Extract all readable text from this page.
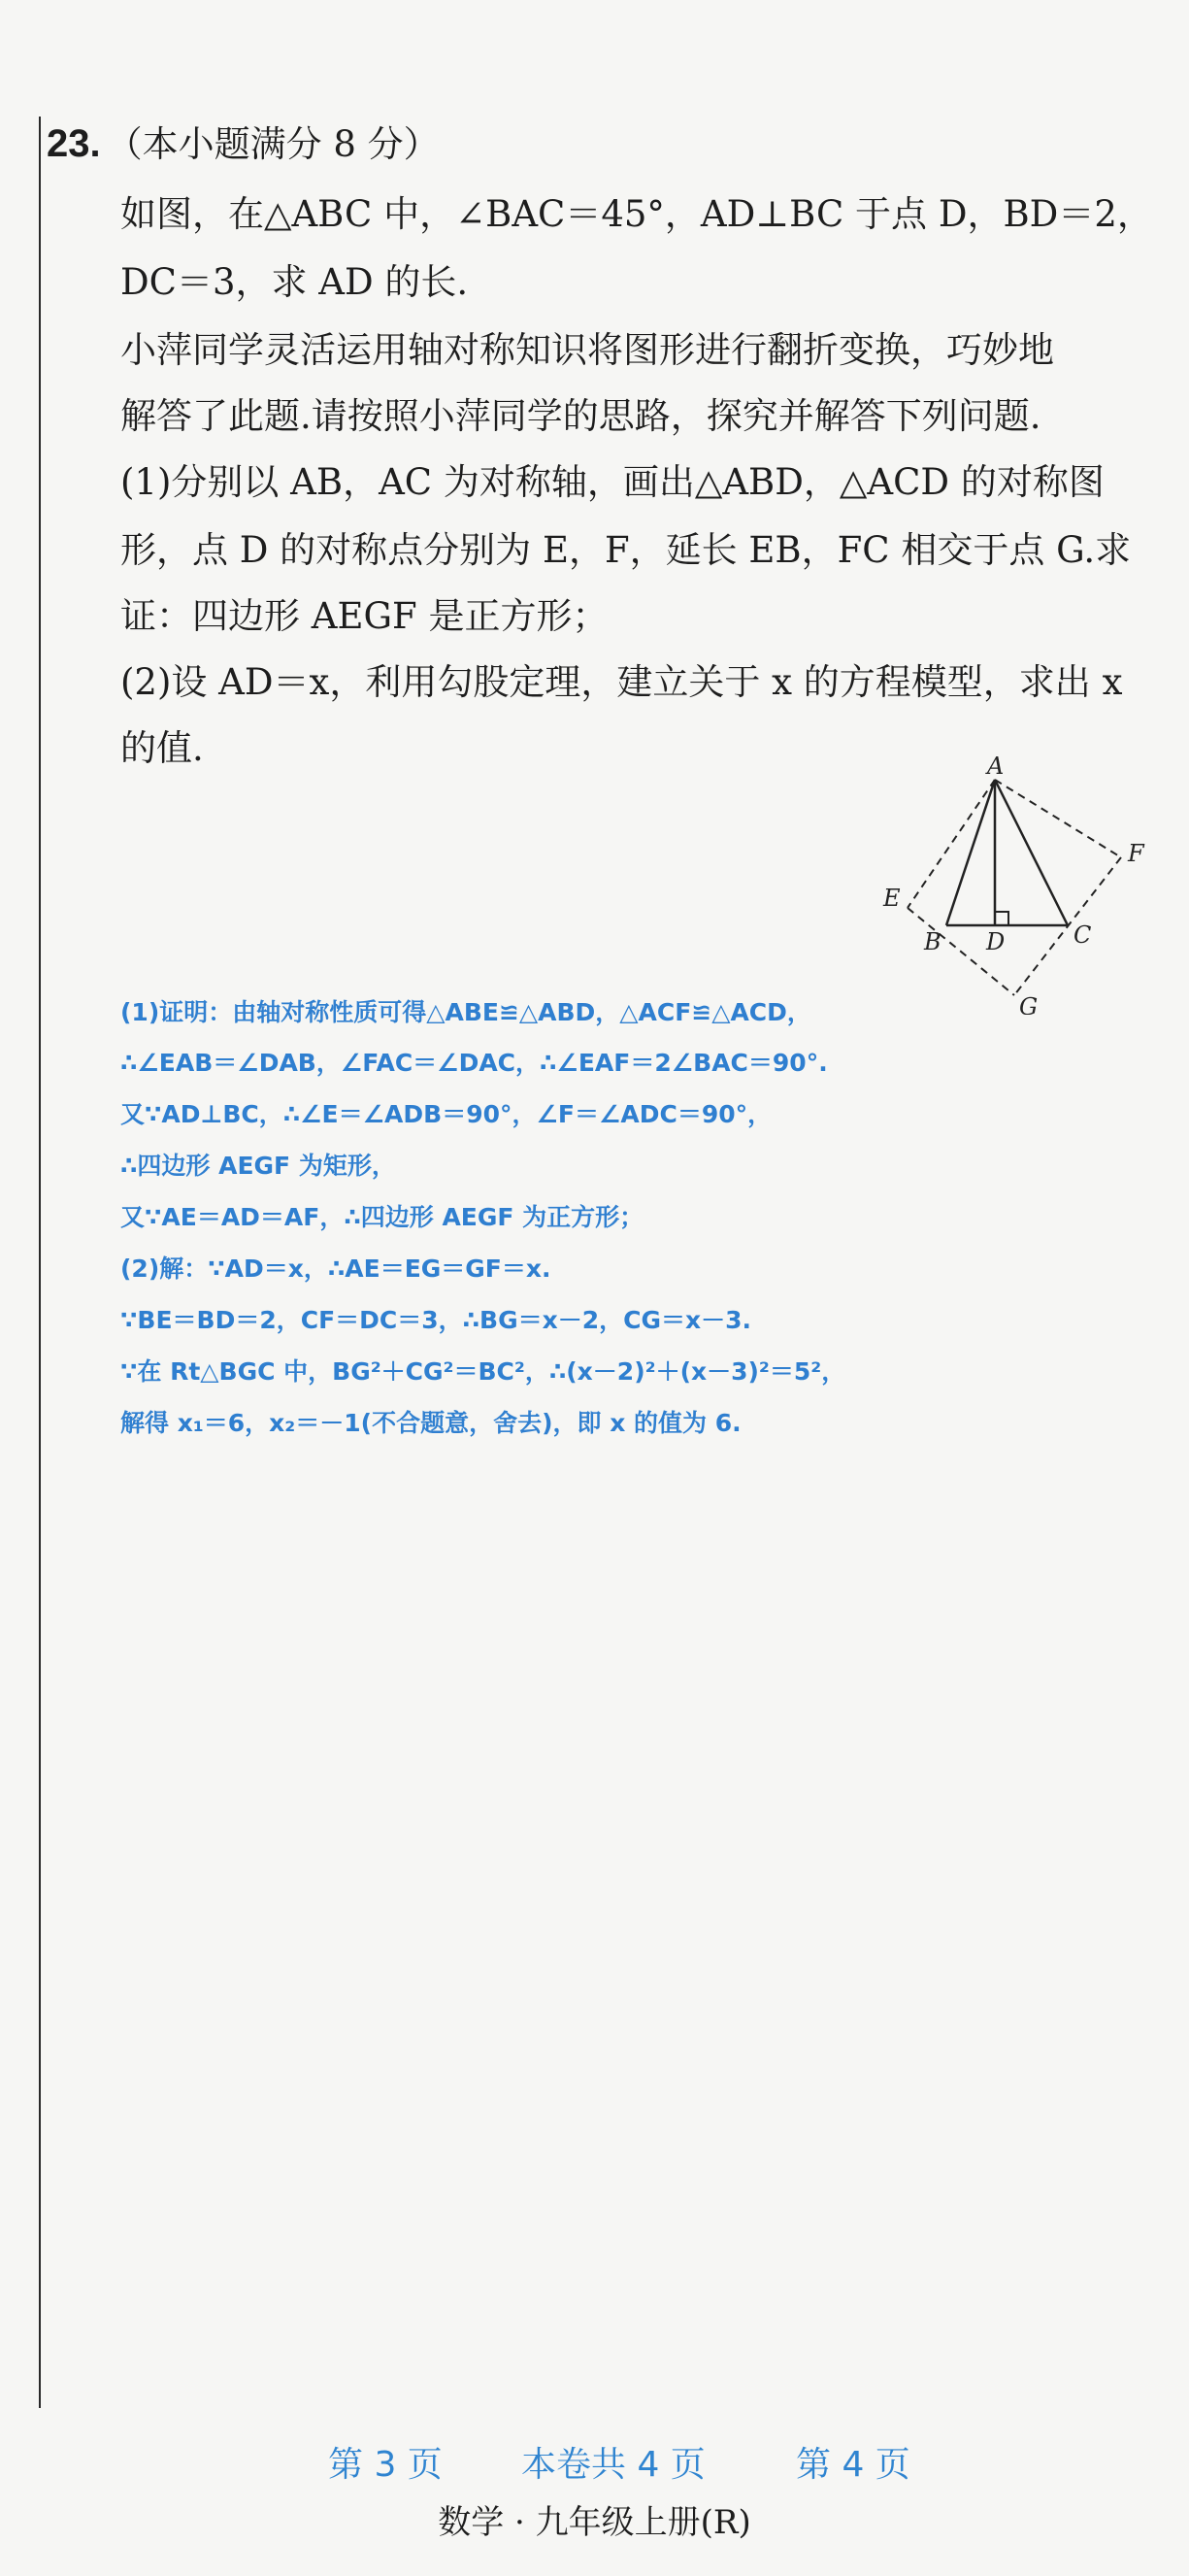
23. （本小题满分 8 分）
如图，在△ABC 中，∠BAC＝45°，AD⊥BC 于点 D，BD＝2，
DC＝3，求 AD 的长.
小萍同学灵活运用轴对称知识将图形进行翻折变换，巧妙地
解答了此题.请按照小萍同学的思路，探究并解答下列问题.
(1)分别以 AB，AC 为对称轴，画出△ABD，△ACD 的对称图
形，点 D 的对称点分别为 E，F，延长 EB，FC 相交于点 G.求
证：四边形 AEGF 是正方形；
(2)设 AD＝x，利用勾股定理，建立关于 x 的方程模型，求出 x
的值.	A
B	C
D
E
F
G
(1)证明：由轴对称性质可得△ABE≌△ABD，△ACF≌△ACD，
∴∠EAB＝∠DAB，∠FAC＝∠DAC，∴∠EAF＝2∠BAC＝90°.
又∵AD⊥BC，∴∠E＝∠ADB＝90°，∠F＝∠ADC＝90°，
∴四边形 AEGF 为矩形，
又∵AE＝AD＝AF，∴四边形 AEGF 为正方形；
(2)解：∵AD＝x，∴AE＝EG＝GF＝x.
∵BE＝BD＝2，CF＝DC＝3，∴BG＝x－2，CG＝x－3.
∵在 Rt△BGC 中，BG²＋CG²＝BC²，∴(x－2)²＋(x－3)²＝5²，
解得 x₁＝6，x₂＝－1(不合题意，舍去)，即 x 的值为 6.
第 3 页 本卷共 4 页	第 4 页
数学 · 九年级上册(R)
